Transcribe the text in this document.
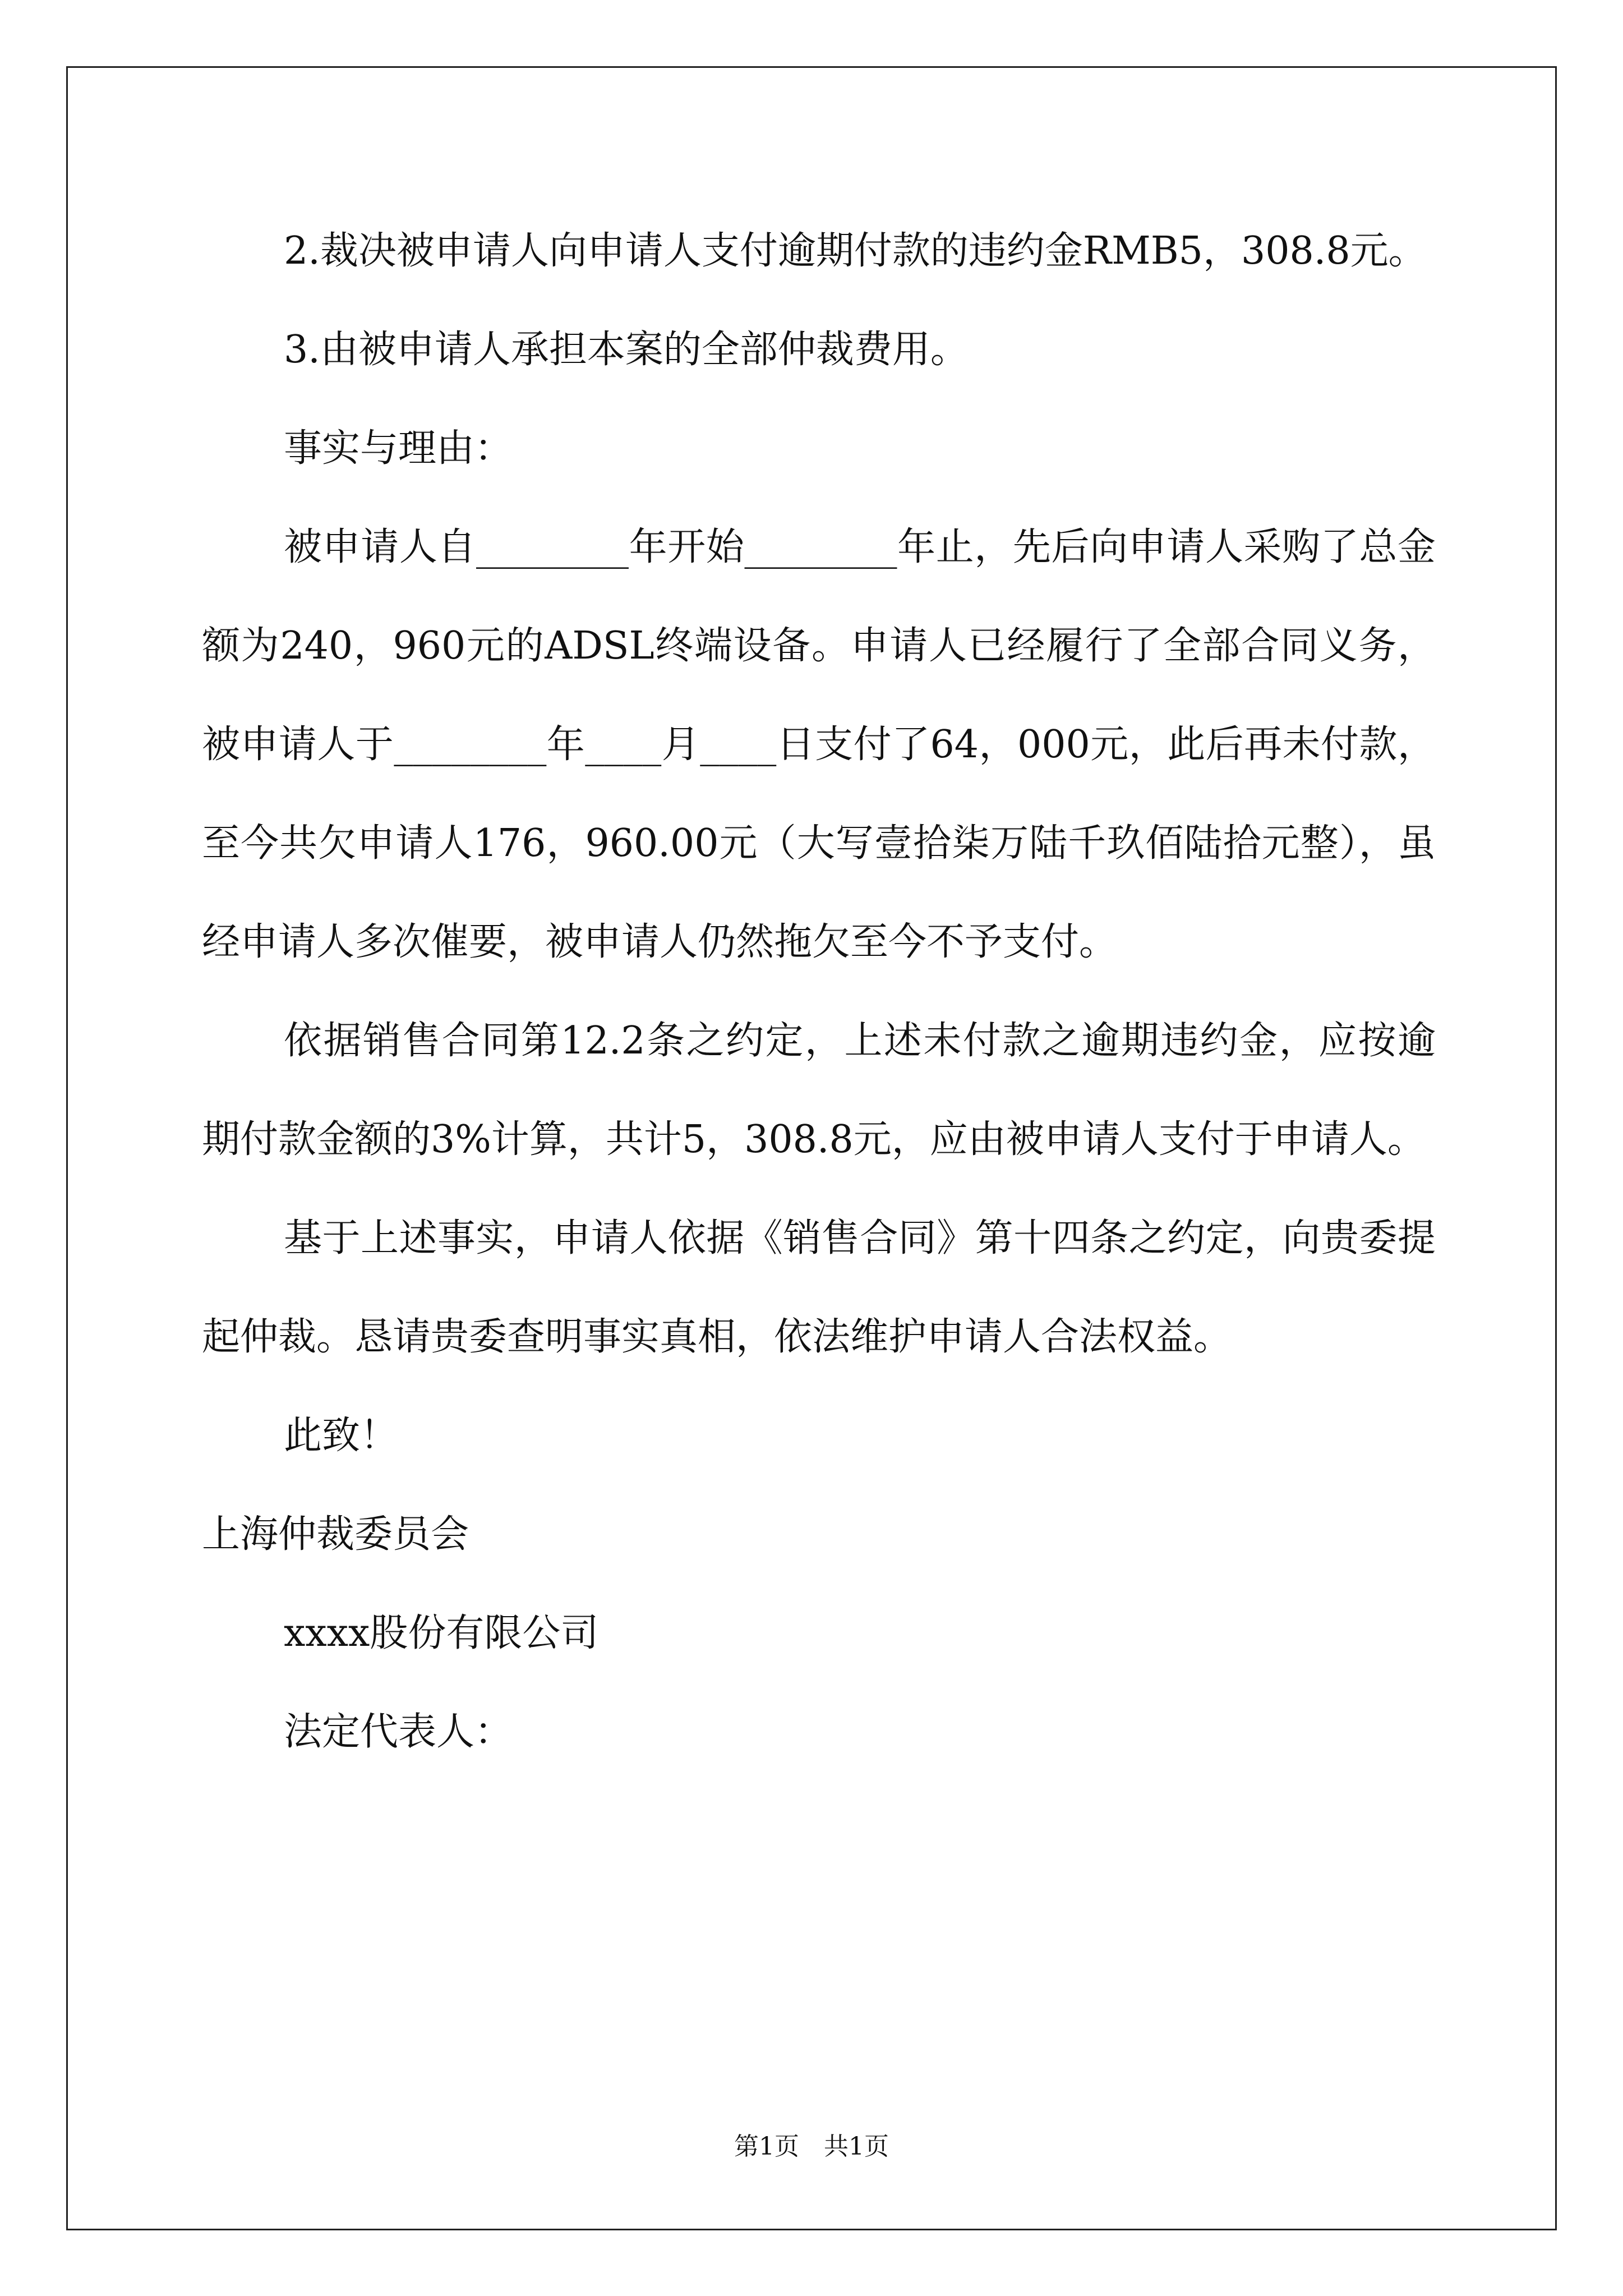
2.裁决被申请人向申请人支付逾期付款的违约金RMB5，308.8元。

3.由被申请人承担本案的全部仲裁费用。

事实与理由：

被申请人自________年开始________年止，先后向申请人采购了总金额为240，960元的ADSL终端设备。申请人已经履行了全部合同义务，被申请人于________年____月____日支付了64，000元，此后再未付款，至今共欠申请人176，960.00元（大写壹拾柒万陆千玖佰陆拾元整），虽经申请人多次催要，被申请人仍然拖欠至今不予支付。

依据销售合同第12.2条之约定，上述未付款之逾期违约金，应按逾期付款金额的3%计算，共计5，308.8元，应由被申请人支付于申请人。

基于上述事实，申请人依据《销售合同》第十四条之约定，向贵委提起仲裁。恳请贵委查明事实真相，依法维护申请人合法权益。

此致！

上海仲裁委员会

xxxx股份有限公司

法定代表人：

第1页　共1页
